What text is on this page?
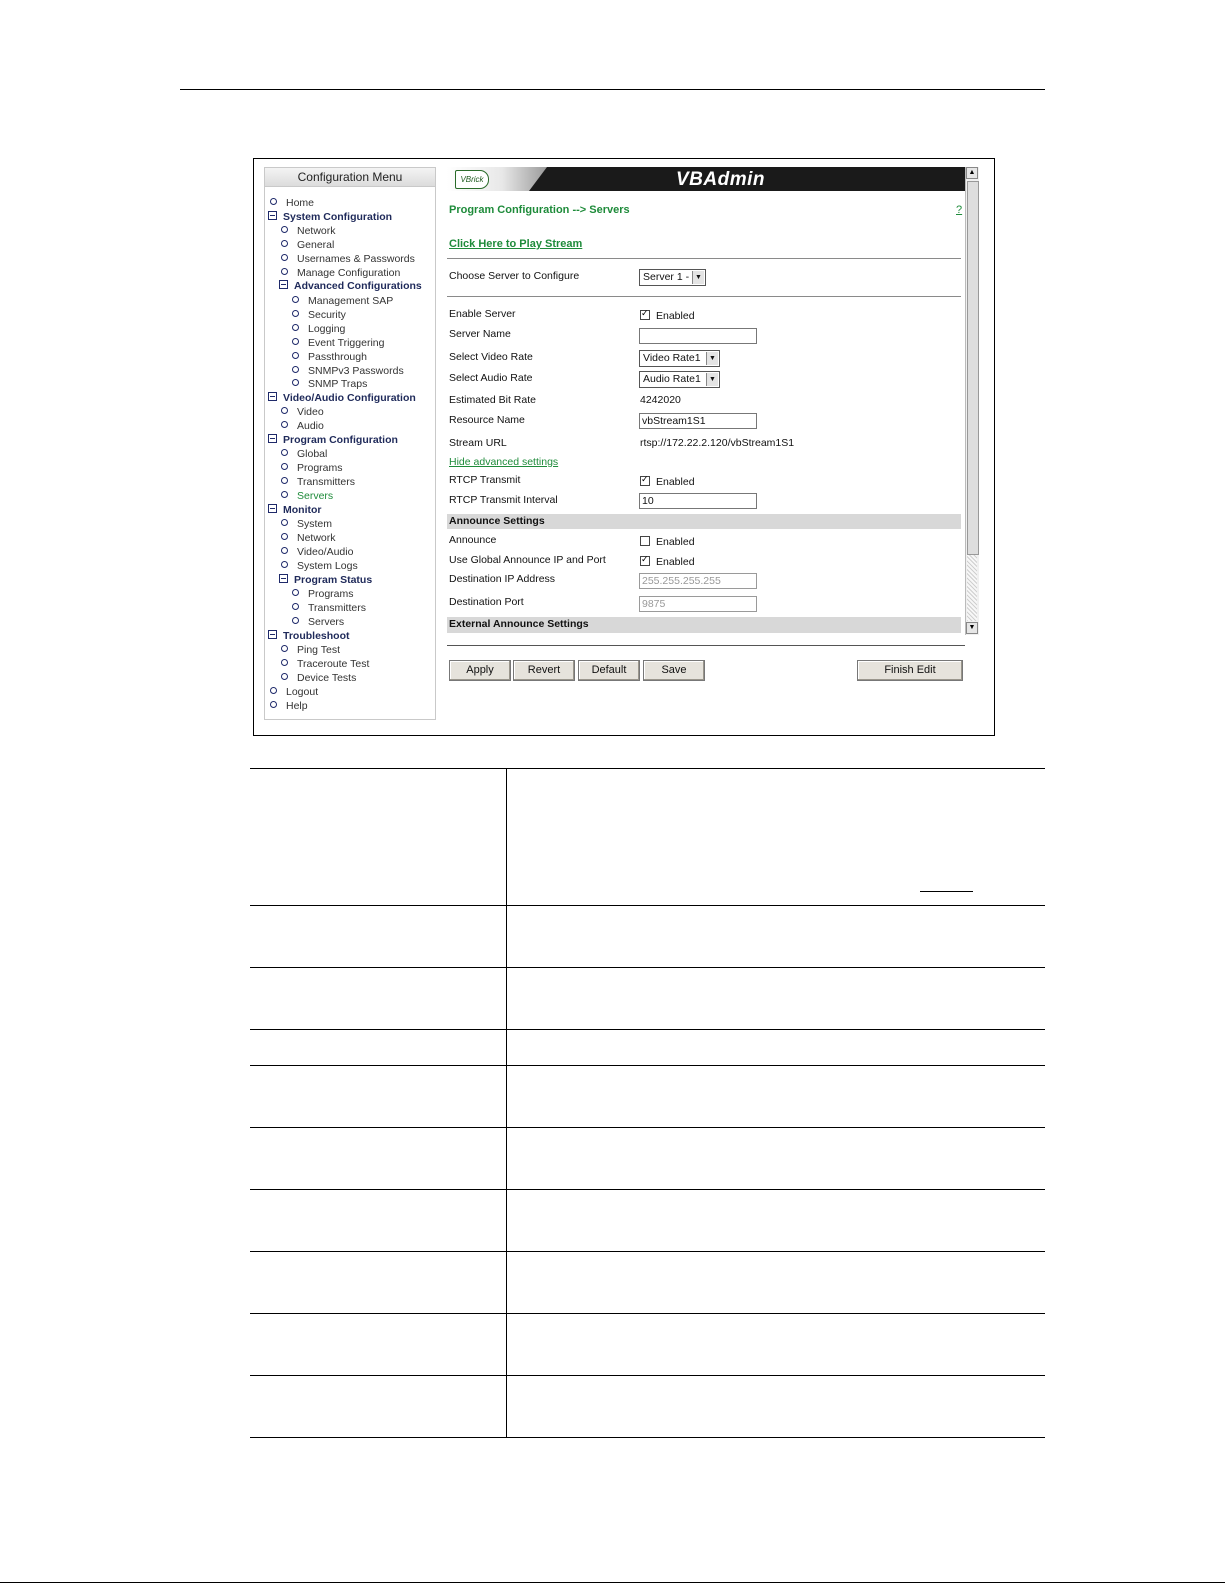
Configuration Menu
Home
System Configuration
Network
General
Usernames & Passwords
Manage Configuration
Advanced Configurations
Management SAP
Security
Logging
Event Triggering
Passthrough
SNMPv3 Passwords
SNMP Traps
Video/Audio Configuration
Video
Audio
Program Configuration
Global
Programs
Transmitters
Servers
Monitor
System
Network
Video/Audio
System Logs
Program Status
Programs
Transmitters
Servers
Troubleshoot
Ping Test
Traceroute Test
Device Tests
Logout
Help
VBrick	VBAdmin
Program Configuration --> Servers	?
Click Here to Play Stream
Choose Server to Configure	Server 1 - ▼
Enable Server ✓	Enabled
Server Name
Select Video Rate	Video Rate1	▼
Select Audio Rate	Audio Rate1	▼
Estimated Bit Rate	4242020
Resource Name	vbStream1S1
Stream URL	rtsp://172.22.2.120/vbStream1S1
Hide advanced settings
RTCP Transmit ✓	Enabled
RTCP Transmit Interval	10
Announce Settings
Announce	Enabled
Use Global Announce IP and Port ✓	Enabled
Destination IP Address	255.255.255.255
Destination Port	9875
External Announce Settings
▲
▼
Apply	Revert	Default	Save	Finish Edit
